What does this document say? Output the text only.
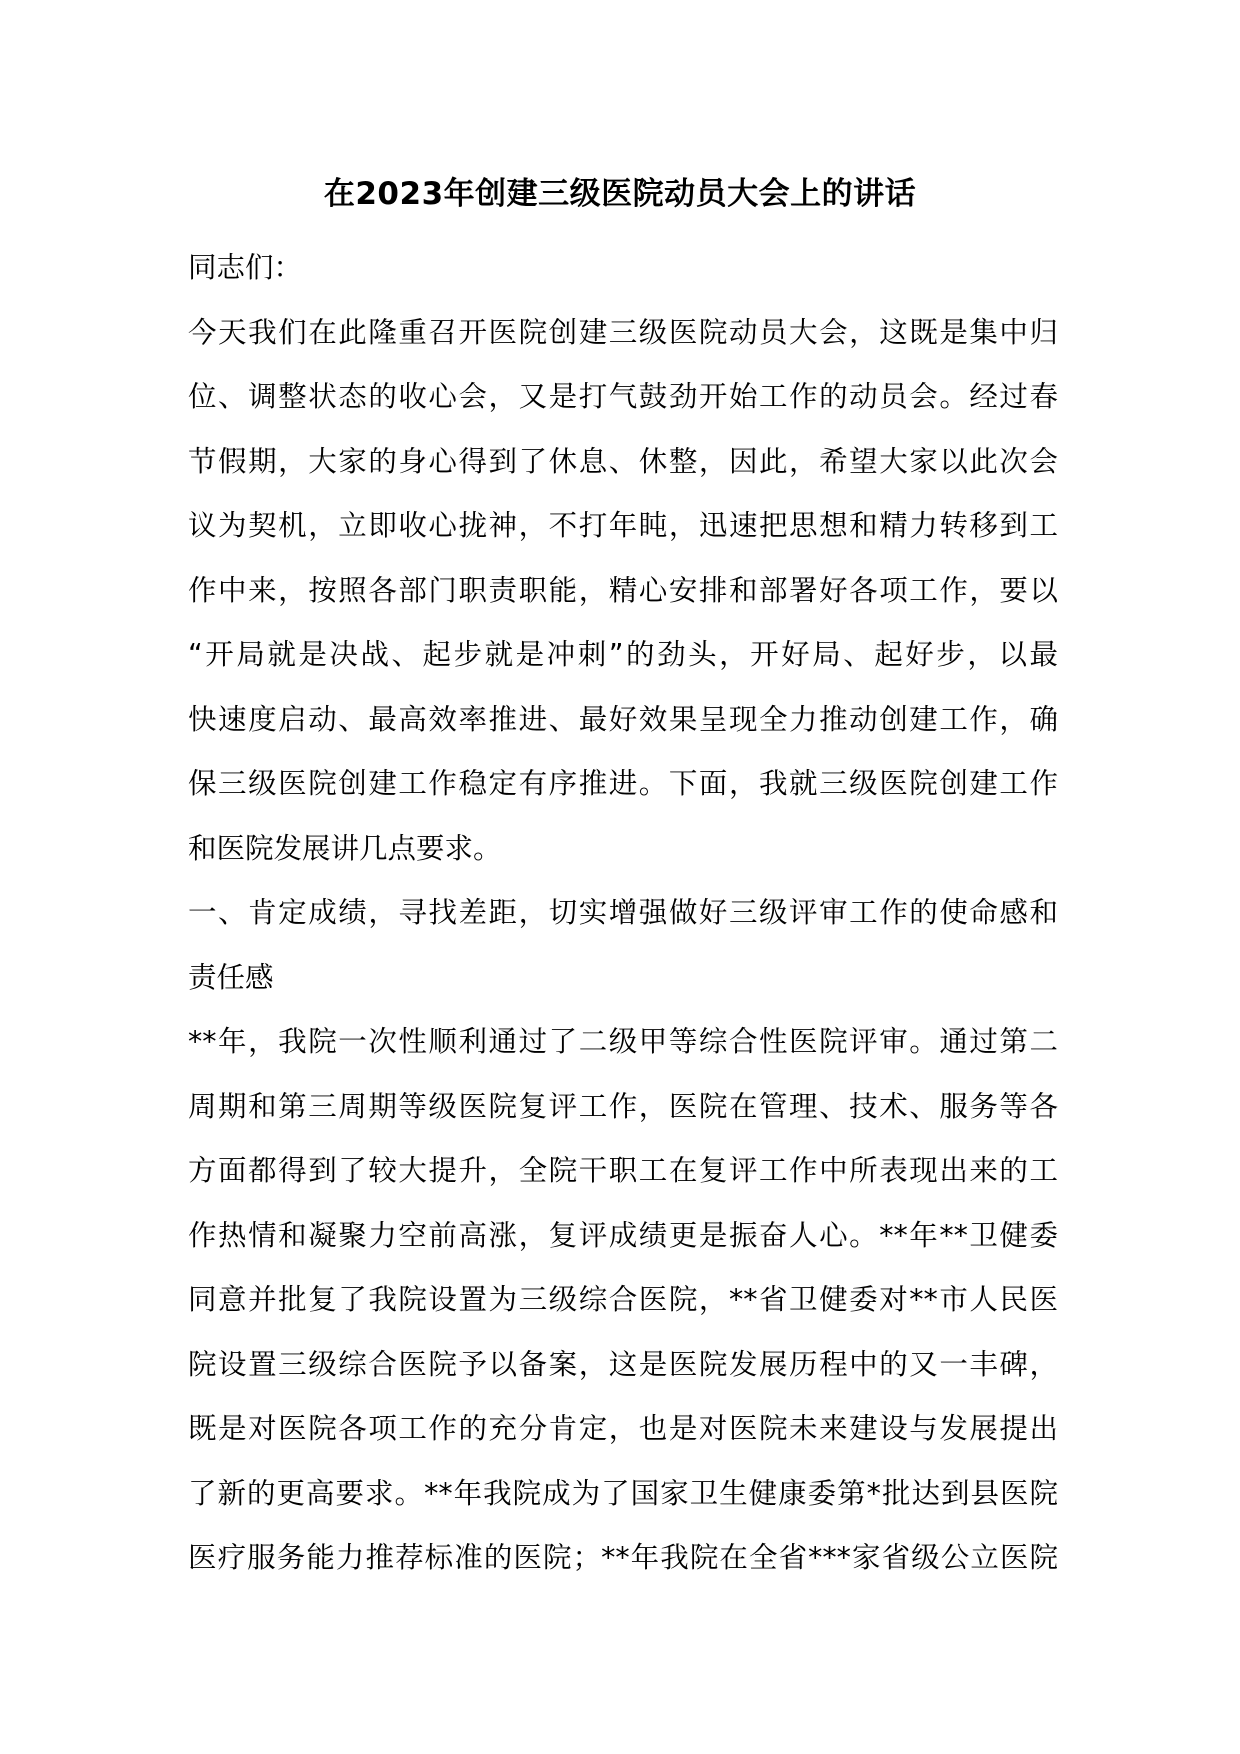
在2023年创建三级医院动员大会上的讲话
同志们：
今天我们在此隆重召开医院创建三级医院动员大会，这既是集中归
位、调整状态的收心会，又是打气鼓劲开始工作的动员会。经过春
节假期，大家的身心得到了休息、休整，因此，希望大家以此次会
议为契机，立即收心拢神，不打年盹，迅速把思想和精力转移到工
作中来，按照各部门职责职能，精心安排和部署好各项工作，要以
“开局就是决战、起步就是冲刺”的劲头，开好局、起好步，以最
快速度启动、最高效率推进、最好效果呈现全力推动创建工作，确
保三级医院创建工作稳定有序推进。下面，我就三级医院创建工作
和医院发展讲几点要求。
一、肯定成绩，寻找差距，切实增强做好三级评审工作的使命感和
责任感
**年，我院一次性顺利通过了二级甲等综合性医院评审。通过第二
周期和第三周期等级医院复评工作，医院在管理、技术、服务等各
方面都得到了较大提升，全院干职工在复评工作中所表现出来的工
作热情和凝聚力空前高涨，复评成绩更是振奋人心。**年**卫健委
同意并批复了我院设置为三级综合医院，**省卫健委对**市人民医
院设置三级综合医院予以备案，这是医院发展历程中的又一丰碑，
既是对医院各项工作的充分肯定，也是对医院未来建设与发展提出
了新的更高要求。**年我院成为了国家卫生健康委第*批达到县医院
医疗服务能力推荐标准的医院；**年我院在全省***家省级公立医院
